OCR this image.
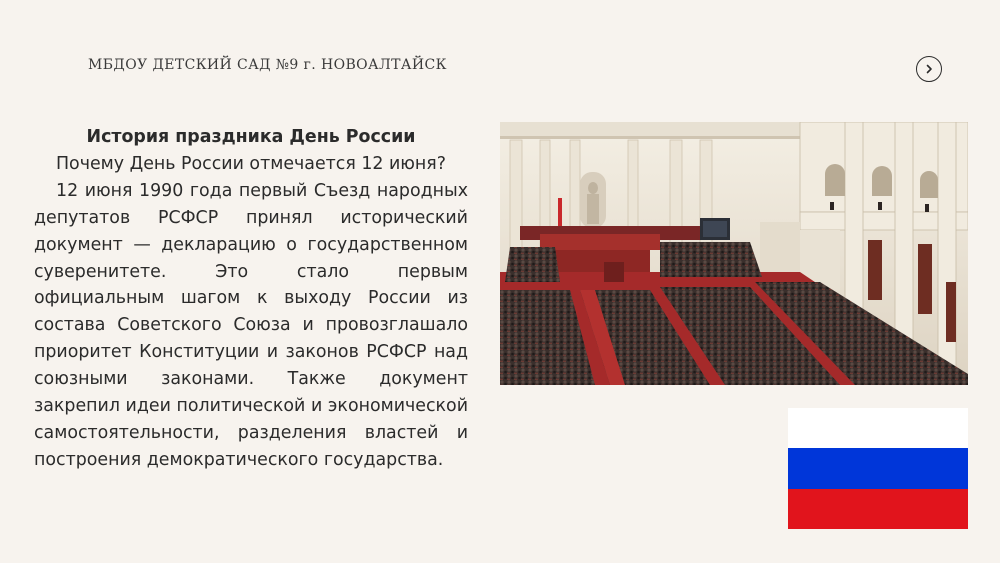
МБДОУ ДЕТСКИЙ САД №9 г. НОВОАЛТАЙСК

История праздника День России

Почему День России отмечается 12 июня?

12 июня 1990 года первый Съезд народных депутатов РСФСР принял исторический документ — декларацию о государственном суверенитете. Это стало первым официальным шагом к выходу России из состава Советского Союза и провозглашало приоритет Конституции и законов РСФСР над союзными законами. Также документ закрепил идеи политической и экономической самостоятельности, разделения властей и построения демократического государства.
